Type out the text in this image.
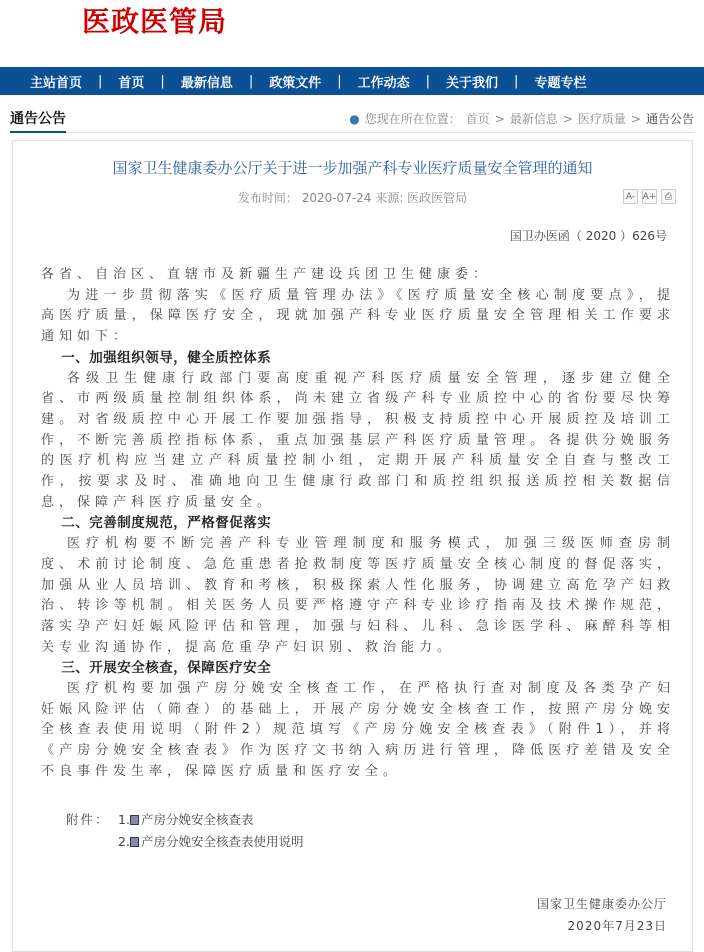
医政医管局
主站首页 | 首页 | 最新信息 | 政策文件 | 工作动态 | 关于我们 | 专题专栏
通告公告	● 您现在所在位置： 首页 > 最新信息 > 医疗质量 > 通告公告
国家卫生健康委办公厅关于进一步加强产科专业医疗质量安全管理的通知
发布时间： 2020-07-24 来源: 医政医管局	A- A+ ⎙
国卫办医函（ 2020 ）626号

各省、自治区、直辖市及新疆生产建设兵团卫生健康委：

为进一步贯彻落实《医疗质量管理办法》《医疗质量安全核心制度要点》，提高医疗质量，保障医疗安全，现就加强产科专业医疗质量安全管理相关工作要求通知如下：

一、加强组织领导，健全质控体系

各级卫生健康行政部门要高度重视产科医疗质量安全管理，逐步建立健全省、市两级质量控制组织体系，尚未建立省级产科专业质控中心的省份要尽快筹建。对省级质控中心开展工作要加强指导，积极支持质控中心开展质控及培训工作，不断完善质控指标体系，重点加强基层产科医疗质量管理。各提供分娩服务的医疗机构应当建立产科质量控制小组，定期开展产科质量安全自查与整改工作，按要求及时、准确地向卫生健康行政部门和质控组织报送质控相关数据信息，保障产科医疗质量安全。

二、完善制度规范，严格督促落实

医疗机构要不断完善产科专业管理制度和服务模式，加强三级医师查房制度、术前讨论制度、急危重患者抢救制度等医疗质量安全核心制度的督促落实，加强从业人员培训、教育和考核，积极探索人性化服务，协调建立高危孕产妇救治、转诊等机制。相关医务人员要严格遵守产科专业诊疗指南及技术操作规范，落实孕产妇妊娠风险评估和管理，加强与妇科、儿科、急诊医学科、麻醉科等相关专业沟通协作，提高危重孕产妇识别、救治能力。

三、开展安全核查，保障医疗安全

医疗机构要加强产房分娩安全核查工作，在严格执行查对制度及各类孕产妇妊娠风险评估（筛查）的基础上，开展产房分娩安全核查工作，按照产房分娩安全核查表使用说明（附件2）规范填写《产房分娩安全核查表》（附件1），并将《产房分娩安全核查表》作为医疗文书纳入病历进行管理，降低医疗差错及安全不良事件发生率，保障医疗质量和医疗安全。

附件： 1. 产房分娩安全核查表
2. 产房分娩安全核查表使用说明
国家卫生健康委办公厅
2020年7月23日
